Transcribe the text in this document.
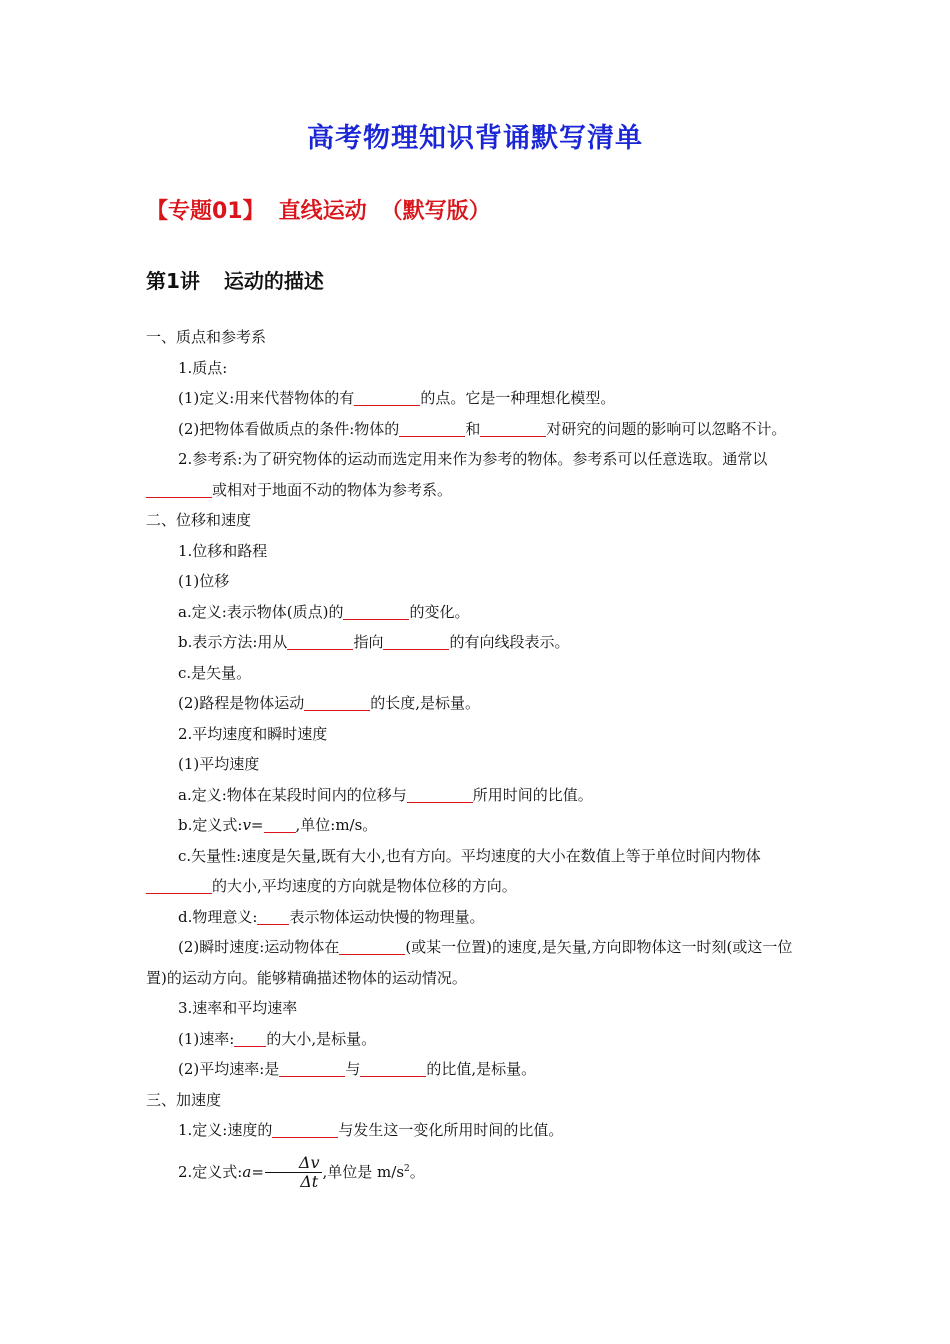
高考物理知识背诵默写清单
【专题01】 直线运动 （默写版）
第1讲 运动的描述

一、质点和参考系

1.质点:

(1)定义:用来代替物体的有	的点。它是一种理想化模型。

(2)把物体看做质点的条件:物体的	和	对研究的问题的影响可以忽略不计。

2.参考系:为了研究物体的运动而选定用来作为参考的物体。参考系可以任意选取。通常以或相对于地面不动的物体为参考系。

二、位移和速度

1.位移和路程

(1)位移

a.定义:表示物体(质点)的	的变化。

b.表示方法:用从	指向	的有向线段表示。

c.是矢量。

(2)路程是物体运动	的长度,是标量。

2.平均速度和瞬时速度

(1)平均速度

a.定义:物体在某段时间内的位移与	所用时间的比值。

b.定义式:v= ,单位:m/s。

c.矢量性:速度是矢量,既有大小,也有方向。平均速度的大小在数值上等于单位时间内物体的大小,平均速度的方向就是物体位移的方向。

d.物理意义: 表示物体运动快慢的物理量。

(2)瞬时速度:运动物体在	(或某一位置)的速度,是矢量,方向即物体这一时刻(或这一位置)的运动方向。能够精确描述物体的运动情况。

3.速率和平均速率

(1)速率: 的大小,是标量。

(2)平均速率:是	与	的比值,是标量。

三、加速度

1.定义:速度的	与发生这一变化所用时间的比值。

2.定义式:a= $\frac{\Delta v}{\Delta t}$ ,单位是 $m/s^2$。
